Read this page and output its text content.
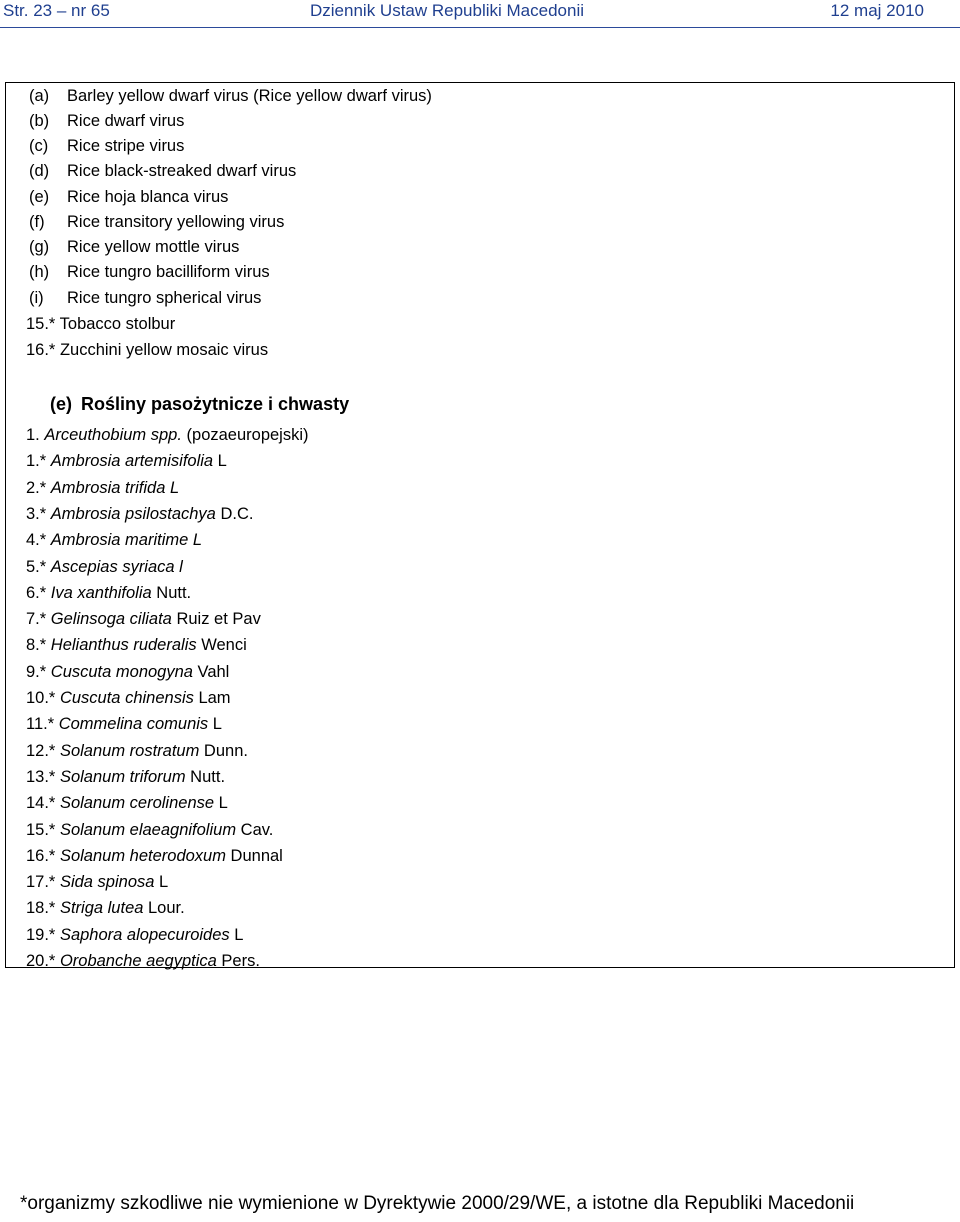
Str. 23 – nr 65	Dziennik Ustaw Republiki Macedonii	12 maj 2010
(a) Barley yellow dwarf virus (Rice yellow dwarf virus)
(b) Rice dwarf virus
(c) Rice stripe virus
(d) Rice black-streaked dwarf virus
(e) Rice hoja blanca virus
(f) Rice transitory yellowing virus
(g) Rice yellow mottle virus
(h) Rice tungro bacilliform virus
(i) Rice tungro spherical virus
15.* Tobacco stolbur
16.* Zucchini yellow mosaic virus
(e) Rośliny pasożytnicze i chwasty
1. Arceuthobium spp. (pozaeuropejski)
1.* Ambrosia artemisifolia L
2.* Ambrosia trifida L
3.* Ambrosia psilostachya D.C.
4.* Ambrosia maritime L
5.* Ascepias syriaca l
6.* Iva xanthifolia Nutt.
7.* Gelinsoga ciliata Ruiz et Pav
8.* Helianthus ruderalis Wenci
9.* Cuscuta monogyna Vahl
10.* Cuscuta chinensis Lam
11.* Commelina comunis L
12.* Solanum rostratum Dunn.
13.* Solanum triforum Nutt.
14.* Solanum cerolinense L
15.* Solanum elaeagnifolium Cav.
16.* Solanum heterodoxum Dunnal
17.* Sida spinosa L
18.* Striga lutea Lour.
19.* Saphora alopecuroides L
20.* Orobanche aegyptica Pers.
*organizmy szkodliwe nie wymienione w Dyrektywie 2000/29/WE, a istotne dla Republiki Macedonii
